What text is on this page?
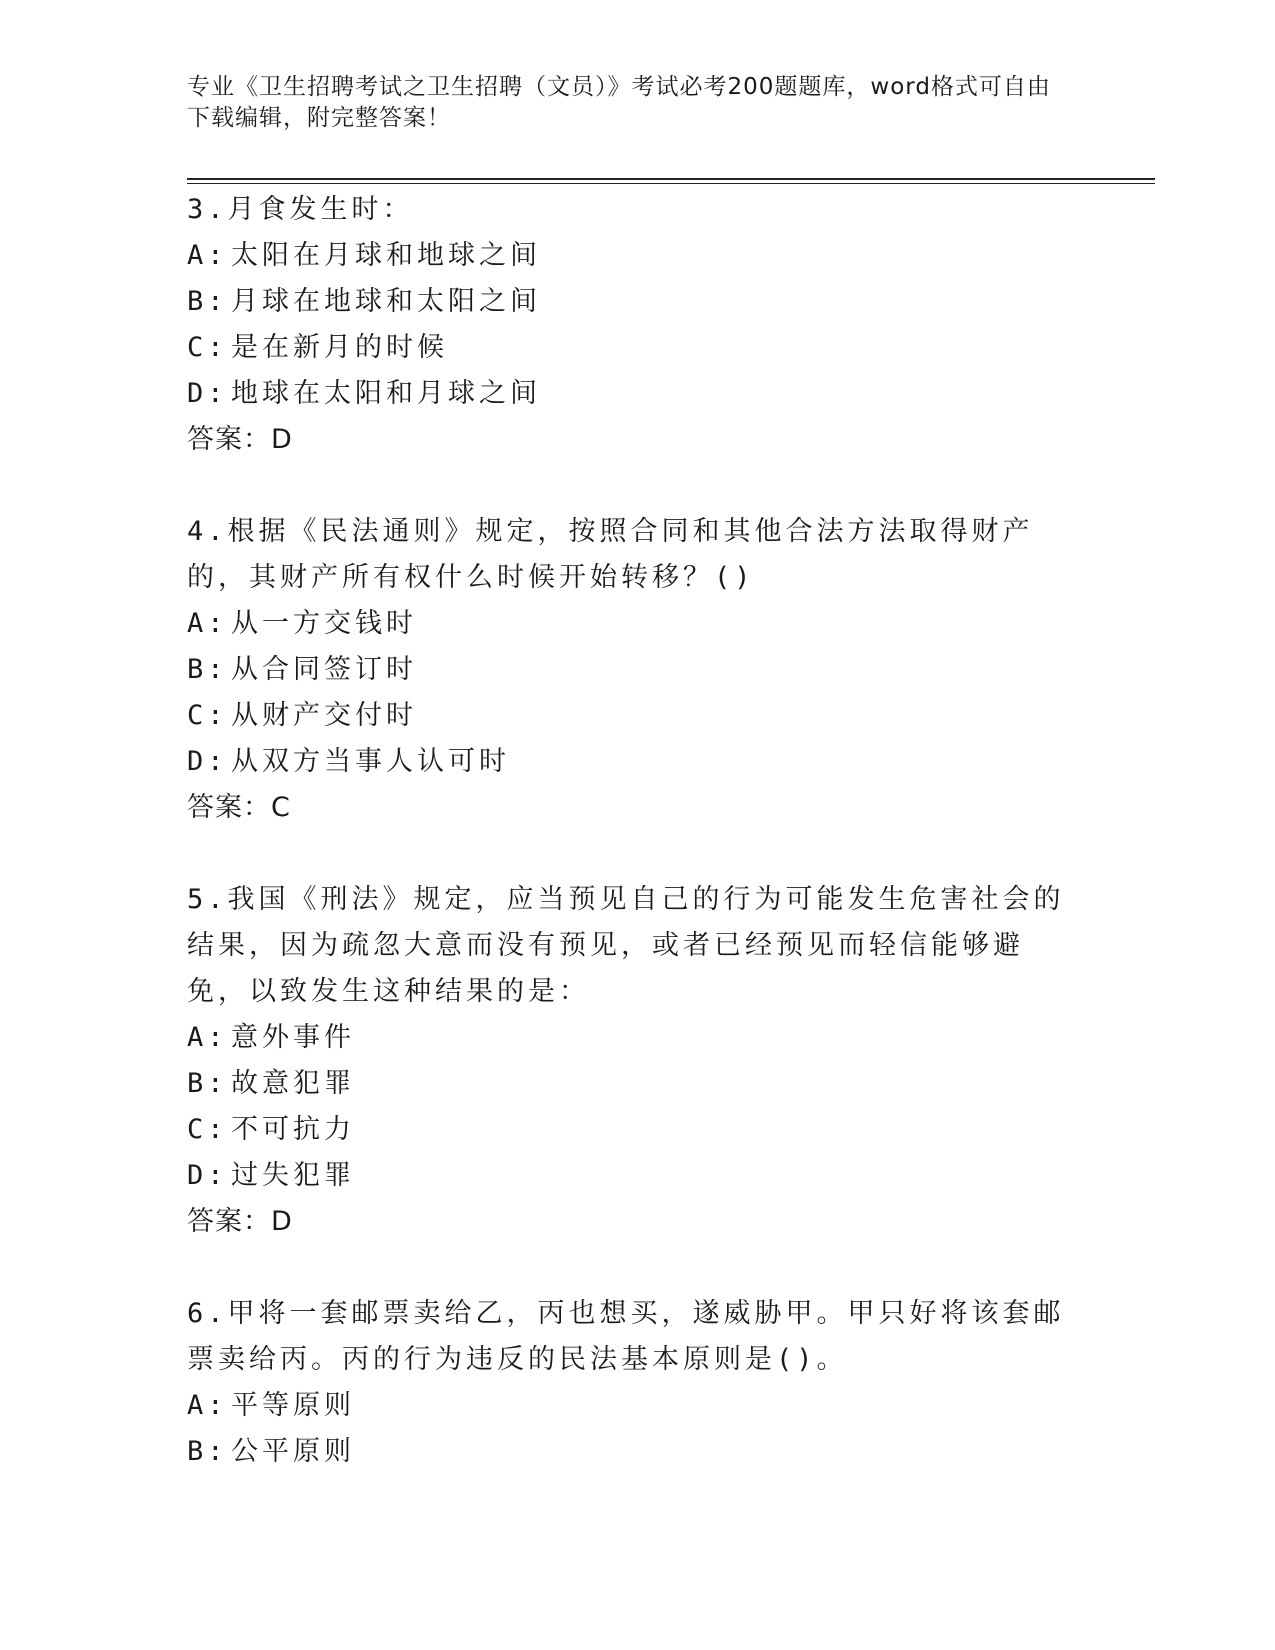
专业《卫生招聘考试之卫生招聘（文员）》考试必考200题题库，word格式可自由下载编辑，附完整答案！
3.月食发生时：
A: 太阳在月球和地球之间
B: 月球在地球和太阳之间
C: 是在新月的时候
D: 地球在太阳和月球之间
答案：D
4.根据《民法通则》规定，按照合同和其他合法方法取得财产的，其财产所有权什么时候开始转移？()
A: 从一方交钱时
B: 从合同签订时
C: 从财产交付时
D: 从双方当事人认可时
答案：C
5.我国《刑法》规定，应当预见自己的行为可能发生危害社会的结果，因为疏忽大意而没有预见，或者已经预见而轻信能够避免，以致发生这种结果的是：
A: 意外事件
B: 故意犯罪
C: 不可抗力
D: 过失犯罪
答案：D
6.甲将一套邮票卖给乙，丙也想买，遂威胁甲。甲只好将该套邮票卖给丙。丙的行为违反的民法基本原则是()。
A: 平等原则
B: 公平原则
